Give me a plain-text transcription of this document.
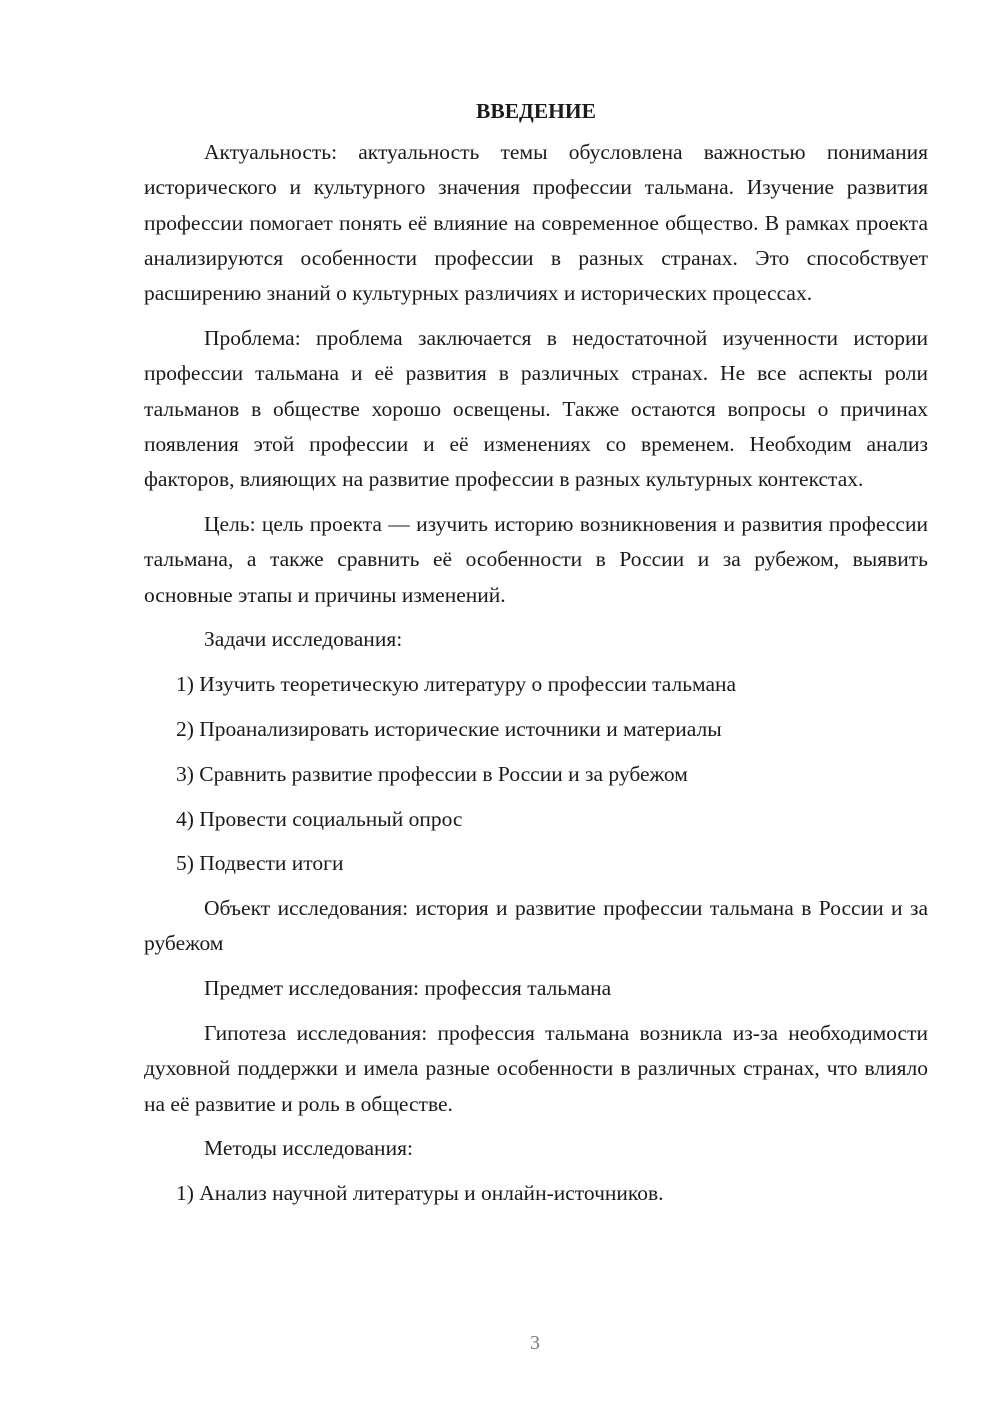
ВВЕДЕНИЕ

Актуальность: актуальность темы обусловлена важностью понимания исторического и культурного значения профессии тальмана. Изучение развития профессии помогает понять её влияние на современное общество. В рамках проекта анализируются особенности профессии в разных странах. Это способствует расширению знаний о культурных различиях и исторических процессах.

Проблема: проблема заключается в недостаточной изученности истории профессии тальмана и её развития в различных странах. Не все аспекты роли тальманов в обществе хорошо освещены. Также остаются вопросы о причинах появления этой профессии и её изменениях со временем. Необходим анализ факторов, влияющих на развитие профессии в разных культурных контекстах.

Цель: цель проекта — изучить историю возникновения и развития профессии тальмана, а также сравнить её особенности в России и за рубежом, выявить основные этапы и причины изменений.

Задачи исследования:

1) Изучить теоретическую литературу о профессии тальмана

2) Проанализировать исторические источники и материалы

3) Сравнить развитие профессии в России и за рубежом

4) Провести социальный опрос

5) Подвести итоги

Объект исследования: история и развитие профессии тальмана в России и за рубежом

Предмет исследования: профессия тальмана

Гипотеза исследования: профессия тальмана возникла из-за необходимости духовной поддержки и имела разные особенности в различных странах, что влияло на её развитие и роль в обществе.

Методы исследования:

1) Анализ научной литературы и онлайн-источников.

3
